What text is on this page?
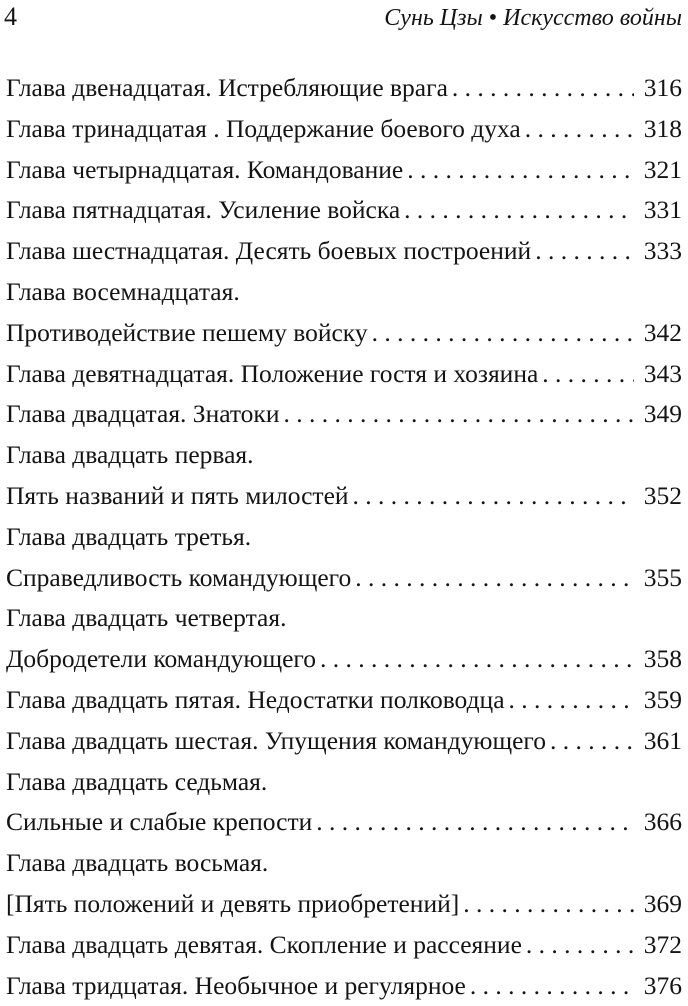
4	Сунь Цзы • Искусство войны
Глава двенадцатая. Истребляющие врага . . .	316
Глава тринадцатая . Поддержание боевого духа . . .	318
Глава четырнадцатая. Командование . . .	321
Глава пятнадцатая. Усиление войска . . .	331
Глава шестнадцатая. Десять боевых построений . . .	333
Глава восемнадцатая.
Противодействие пешему войску . . .	342
Глава девятнадцатая. Положение гостя и хозяина . . .	343
Глава двадцатая. Знатоки . . .	349
Глава двадцать первая.
Пять названий и пять милостей . . .	352
Глава двадцать третья.
Справедливость командующего . . .	355
Глава двадцать четвертая.
Добродетели командующего . . .	358
Глава двадцать пятая. Недостатки полководца . . .	359
Глава двадцать шестая. Упущения командующего . . .	361
Глава двадцать седьмая.
Сильные и слабые крепости . . .	366
Глава двадцать восьмая.
[Пять положений и девять приобретений] . . .	369
Глава двадцать девятая. Скопление и рассеяние . . .	372
Глава тридцатая. Необычное и регулярное . . .	376
